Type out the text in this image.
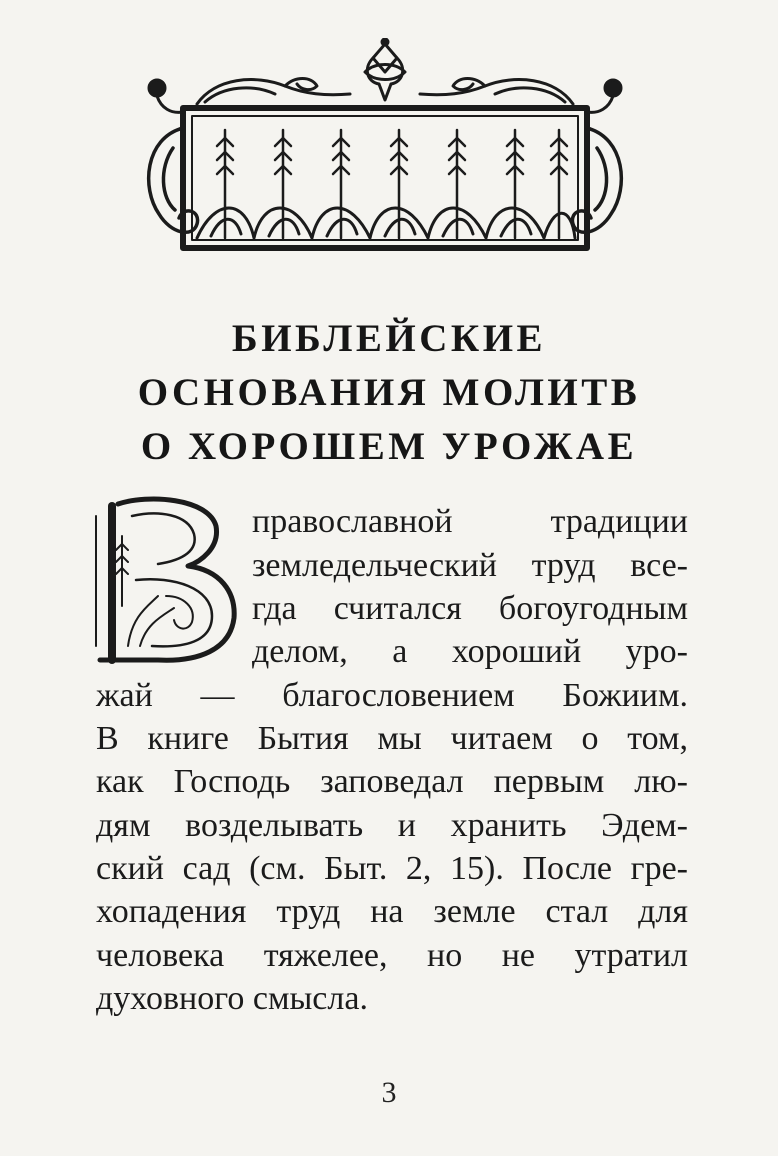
БИБЛЕЙСКИЕ
ОСНОВАНИЯ МОЛИТВ
О ХОРОШЕМ УРОЖАЕ
православной традиции
земледельческий труд все-
гда считался богоугодным
делом, а хороший уро-
жай — благословением Божиим.
В книге Бытия мы читаем о том,
как Господь заповедал первым лю-
дям возделывать и хранить Эдем-
ский сад (см. Быт. 2, 15). После гре-
хопадения труд на земле стал для
человека тяжелее, но не утратил
духовного смысла.
3
